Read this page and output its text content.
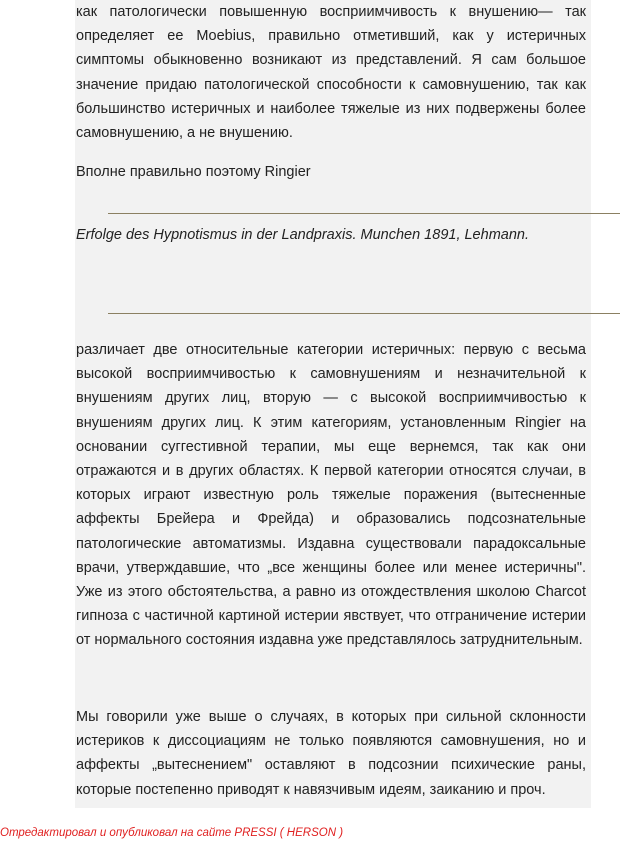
как патологически повышенную восприимчивость к внушению— так определяет ее Moebius, правильно отметивший, как у истеричных симптомы обыкновенно возникают из представлений. Я сам большое значение придаю патологической способности к самовнушению, так как большинство истеричных и наиболее тяжелые из них подвержены более самовнушению, а не внушению.

Вполне правильно поэтому Ringier

Erfolge des Hypnotismus in der Landpraxis. Munchen 1891, Lehmann.

различает две относительные категории истеричных: первую с весьма высокой восприимчивостью к самовнушениям и незначительной к внушениям других лиц, вторую — с высокой восприимчивостью к внушениям других лиц. К этим категориям, установленным Ringier на основании суггестивной терапии, мы еще вернемся, так как они отражаются и в других областях. К первой категории относятся случаи, в которых играют известную роль тяжелые поражения (вытесненные аффекты Брейера и Фрейда) и образовались подсознательные патологические автоматизмы. Издавна существовали парадоксальные врачи, утверждавшие, что „все женщины более или менее истеричны". Уже из этого обстоятельства, а равно из отождествления школою Charcot гипноза с частичной картиной истерии явствует, что отграничение истерии от нормального состояния издавна уже представлялось затруднительным.

Мы говорили уже выше о случаях, в которых при сильной склонности истериков к диссоциациям не только появляются самовнушения, но и аффекты „вытеснением" оставляют в подсознии психические раны, которые постепенно приводят к навязчивым идеям, заиканию и проч.

Отредактировал и опубликовал на сайте PRESSI ( HERSON )
